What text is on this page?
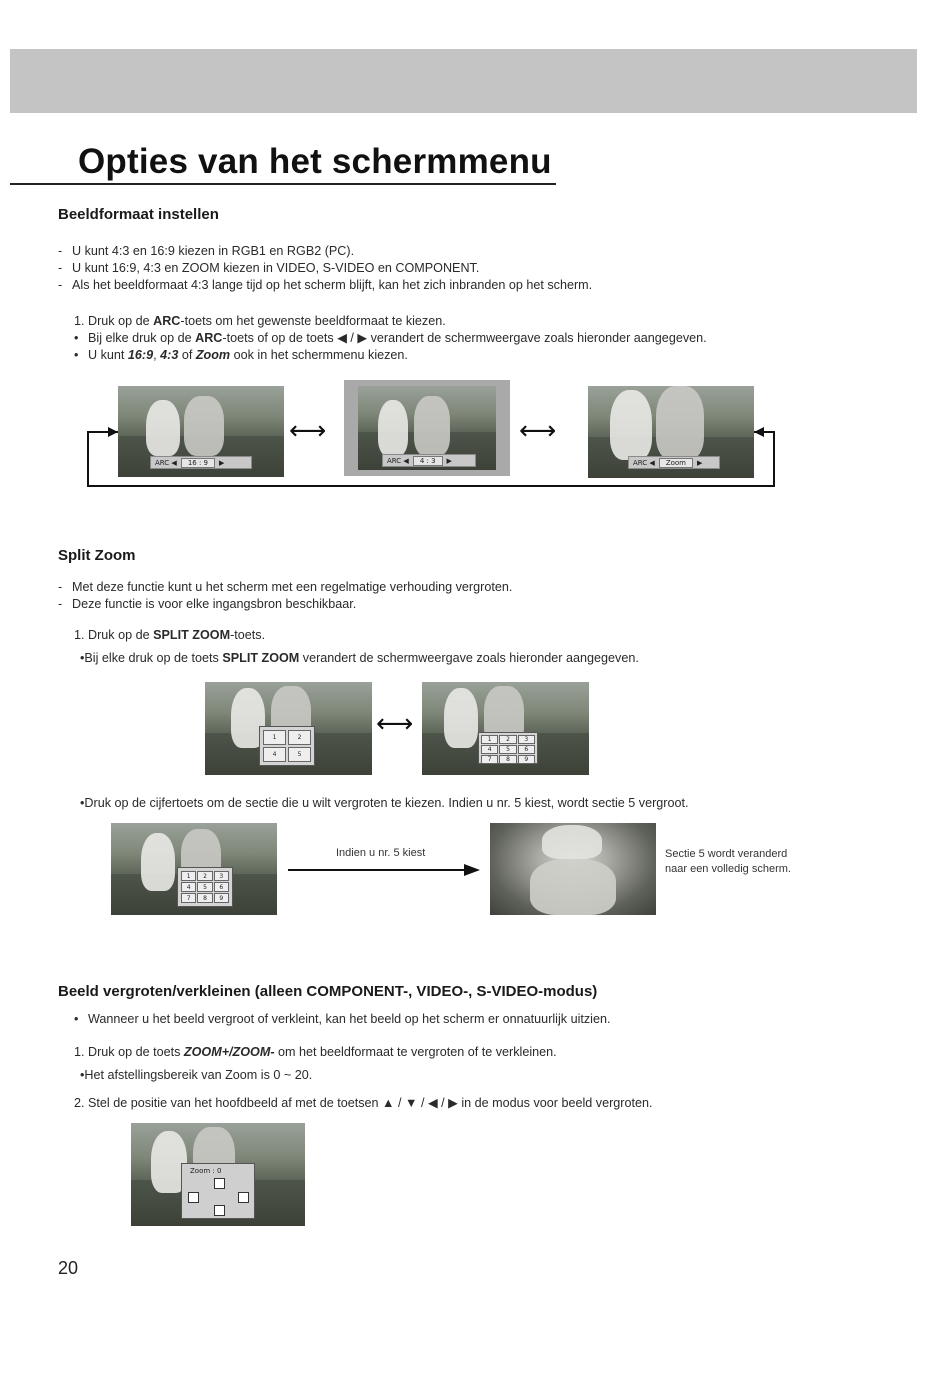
Opties van het schermmenu
Beeldformaat instellen
- U kunt 4:3 en 16:9 kiezen in RGB1 en RGB2 (PC).
- U kunt 16:9, 4:3 en ZOOM kiezen in VIDEO, S-VIDEO en COMPONENT.
- Als het beeldformaat 4:3 lange tijd op het scherm blijft, kan het zich inbranden op het scherm.
1. Druk op de ARC-toets om het gewenste beeldformaat te kiezen.
• Bij elke druk op de ARC-toets of op de toets ◀ / ▶ verandert de schermweergave zoals hieronder aangegeven.
• U kunt 16:9, 4:3 of Zoom ook in het schermmenu kiezen.
ARC ◀	16 : 9	▶
⟷
ARC ◀	4 : 3	▶
⟷
ARC ◀	Zoom	▶
Split Zoom
- Met deze functie kunt u het scherm met een regelmatige verhouding vergroten.
- Deze functie is voor elke ingangsbron beschikbaar.
1. Druk op de SPLIT ZOOM-toets.
•Bij elke druk op de toets SPLIT ZOOM verandert de schermweergave zoals hieronder aangegeven.
1	2
4	5
⟷
1	2	3
4	5	6
7	8	9
•Druk op de cijfertoets om de sectie die u wilt vergroten te kiezen. Indien u nr. 5 kiest, wordt sectie 5 vergroot.
1	2	3
4	5	6
7	8	9
Indien u nr. 5 kiest	Sectie 5 wordt veranderd
naar een volledig scherm.
Beeld vergroten/verkleinen (alleen COMPONENT-, VIDEO-, S-VIDEO-modus)
• Wanneer u het beeld vergroot of verkleint, kan het beeld op het scherm er onnatuurlijk uitzien.
1. Druk op de toets ZOOM+/ZOOM- om het beeldformaat te vergroten of te verkleinen.
•Het afstellingsbereik van Zoom is 0 ~ 20.
2. Stel de positie van het hoofdbeeld af met de toetsen ▲ / ▼ / ◀ / ▶ in de modus voor beeld vergroten.
Zoom : 0
20
